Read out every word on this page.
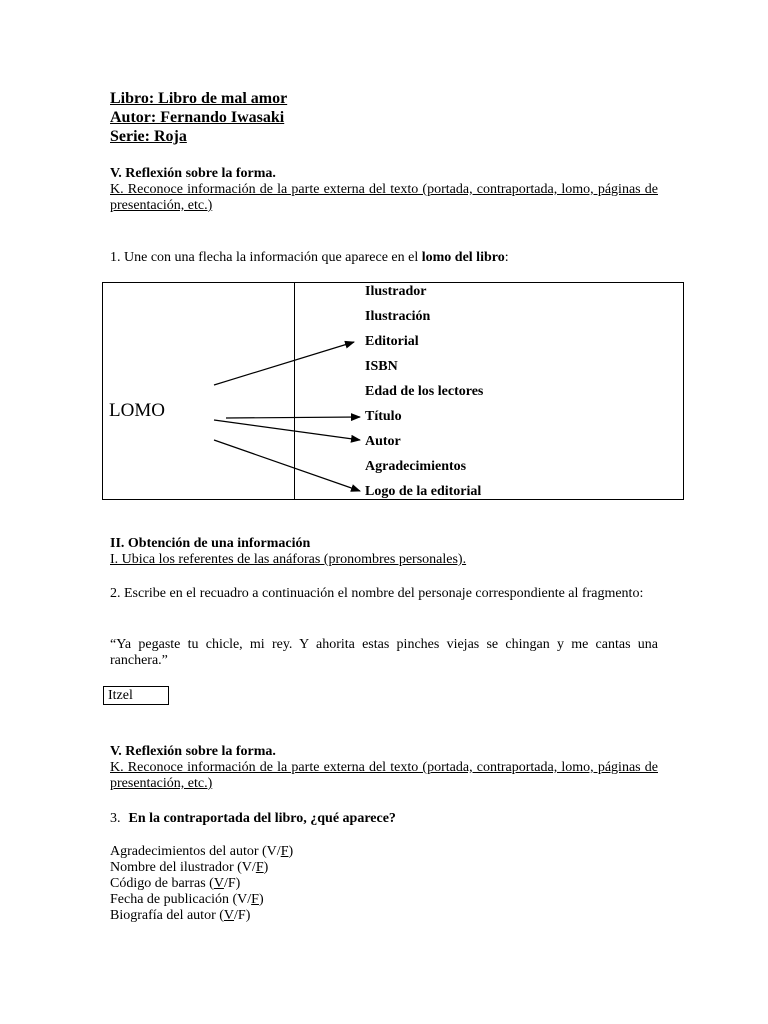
Libro: Libro de mal amor
Autor: Fernando Iwasaki
Serie: Roja
V. Reflexión sobre la forma.
K. Reconoce información de la parte externa del texto (portada, contraportada, lomo, páginas de presentación, etc.)
1. Une con una flecha la información que aparece en el lomo del libro:
LOMO
Ilustrador
Ilustración
Editorial
ISBN
Edad de los lectores
Título
Autor
Agradecimientos
Logo de la editorial
II. Obtención de una información
I. Ubica los referentes de las anáforas (pronombres personales).
2. Escribe en el recuadro a continuación el nombre del personaje correspondiente al fragmento:
“Ya pegaste tu chicle, mi rey. Y ahorita estas pinches viejas se chingan y me cantas una ranchera.”
Itzel
V. Reflexión sobre la forma.
K. Reconoce información de la parte externa del texto (portada, contraportada, lomo, páginas de presentación, etc.)
3. En la contraportada del libro, ¿qué aparece?
Agradecimientos del autor (V/F)
Nombre del ilustrador (V/F)
Código de barras (V/F)
Fecha de publicación (V/F)
Biografía del autor (V/F)
